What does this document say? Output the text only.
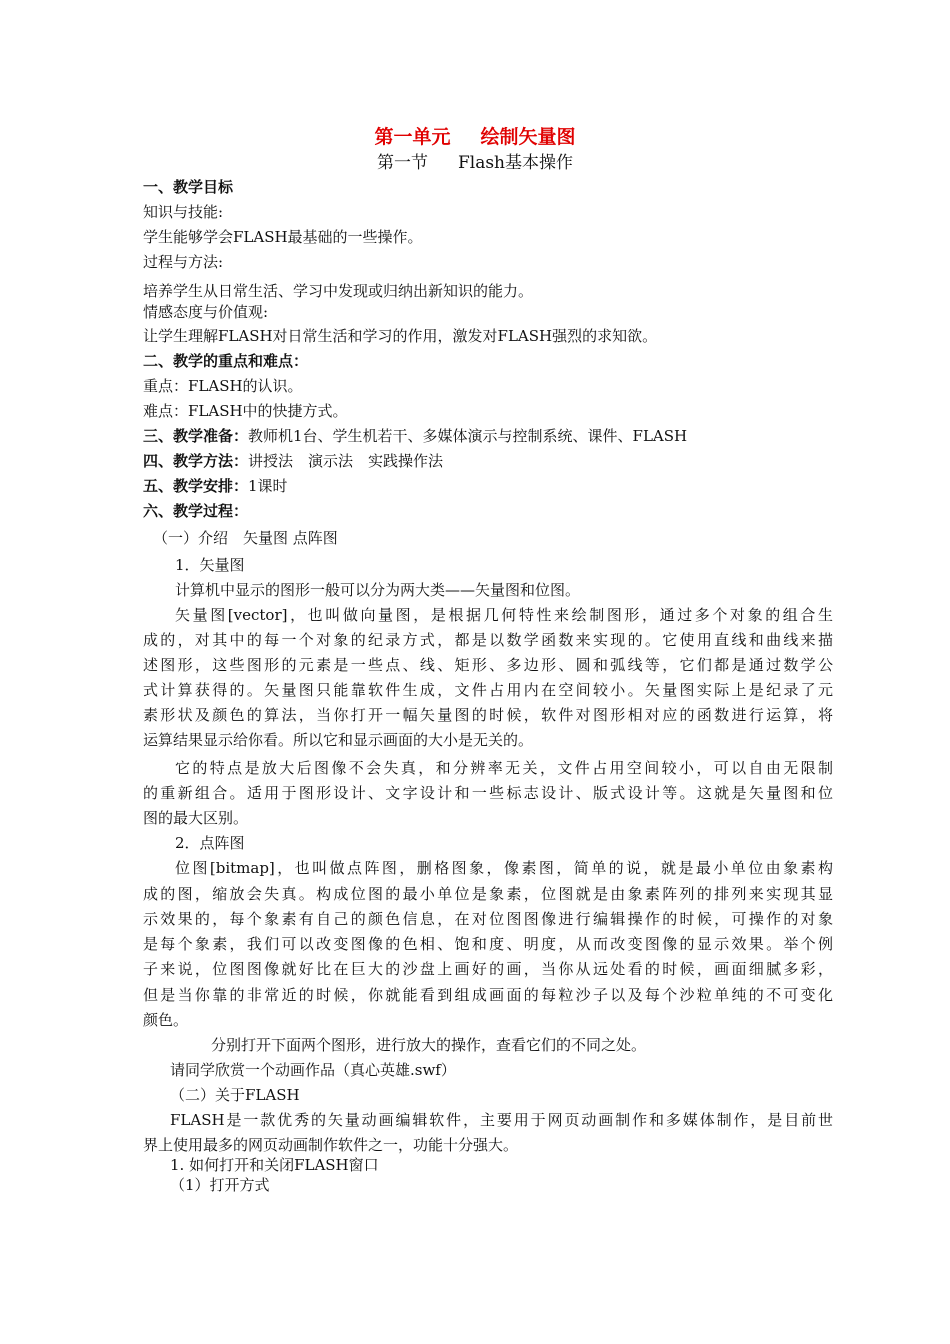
第一单元 绘制矢量图
第一节 Flash基本操作
一、教学目标
知识与技能:
学生能够学会FLASH最基础的一些操作。
过程与方法:
培养学生从日常生活、学习中发现或归纳出新知识的能力。
情感态度与价值观:
让学生理解FLASH对日常生活和学习的作用，激发对FLASH强烈的求知欲。
二、教学的重点和难点：
重点：FLASH的认识。
难点：FLASH中的快捷方式。
三、教学准备：教师机1台、学生机若干、多媒体演示与控制系统、课件、FLASH
四、教学方法：讲授法　演示法　实践操作法
五、教学安排：1课时
六、教学过程：
（一）介绍　矢量图 点阵图
1．矢量图
计算机中显示的图形一般可以分为两大类——矢量图和位图。
矢量图[vector]，也叫做向量图，是根据几何特性来绘制图形，通过多个对象的组合生
成的，对其中的每一个对象的纪录方式，都是以数学函数来实现的。它使用直线和曲线来描
述图形，这些图形的元素是一些点、线、矩形、多边形、圆和弧线等，它们都是通过数学公
式计算获得的。矢量图只能靠软件生成，文件占用内在空间较小。矢量图实际上是纪录了元
素形状及颜色的算法，当你打开一幅矢量图的时候，软件对图形相对应的函数进行运算，将
运算结果显示给你看。所以它和显示画面的大小是无关的。
它的特点是放大后图像不会失真，和分辨率无关，文件占用空间较小，可以自由无限制
的重新组合。适用于图形设计、文字设计和一些标志设计、版式设计等。这就是矢量图和位
图的最大区别。
2．点阵图
位图[bitmap]，也叫做点阵图，删格图象，像素图，简单的说，就是最小单位由象素构
成的图，缩放会失真。构成位图的最小单位是象素，位图就是由象素阵列的排列来实现其显
示效果的，每个象素有自己的颜色信息，在对位图图像进行编辑操作的时候，可操作的对象
是每个象素，我们可以改变图像的色相、饱和度、明度，从而改变图像的显示效果。举个例
子来说，位图图像就好比在巨大的沙盘上画好的画，当你从远处看的时候，画面细腻多彩，
但是当你靠的非常近的时候，你就能看到组成画面的每粒沙子以及每个沙粒单纯的不可变化
颜色。
分别打开下面两个图形，进行放大的操作，查看它们的不同之处。
请同学欣赏一个动画作品（真心英雄.swf）
（二）关于FLASH
FLASH是一款优秀的矢量动画编辑软件，主要用于网页动画制作和多媒体制作，是目前世
界上使用最多的网页动画制作软件之一，功能十分强大。
1. 如何打开和关闭FLASH窗口
（1）打开方式
